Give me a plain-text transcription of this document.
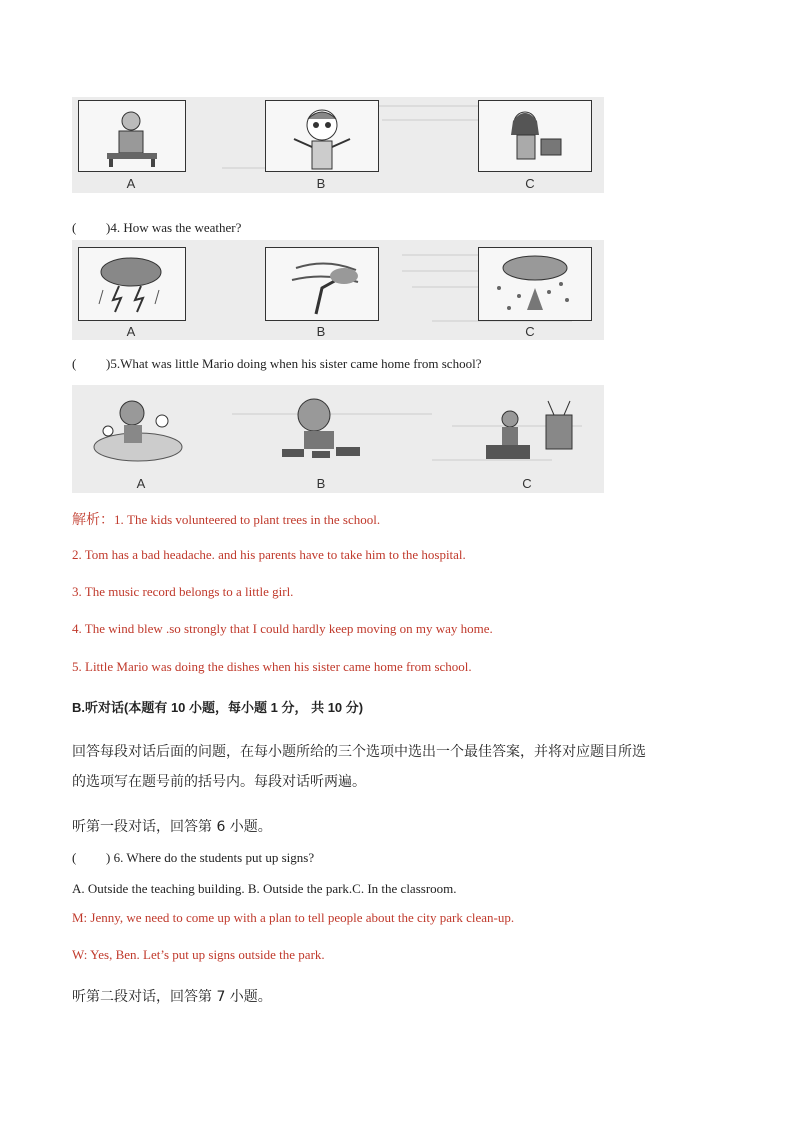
A	B	C
( )4. How was the weather?
A	B	C
( )5.What was little Mario doing when his sister came home from school?
A	B	C
解析：1. The kids volunteered to plant trees in the school.
2. Tom has a bad headache. and his parents have to take him to the hospital.
3. The music record belongs to a little girl.
4. The wind blew .so strongly that I could hardly keep moving on my way home.
5. Little Mario was doing the dishes when his sister came home from school.
B.听对话(本题有 10 小题，每小题 1 分， 共 10 分)
回答每段对话后面的问题，在每小题所给的三个选项中选出一个最佳答案，并将对应题目所选
的选项写在题号前的括号内。每段对话听两遍。
听第一段对话，回答第 6 小题。
( ) 6. Where do the students put up signs?
A. Outside the teaching building. B. Outside the park.C. In the classroom.
M: Jenny, we need to come up with a plan to tell people about the city park clean-up.
W: Yes, Ben. Let’s put up signs outside the park.
听第二段对话，回答第 7 小题。
